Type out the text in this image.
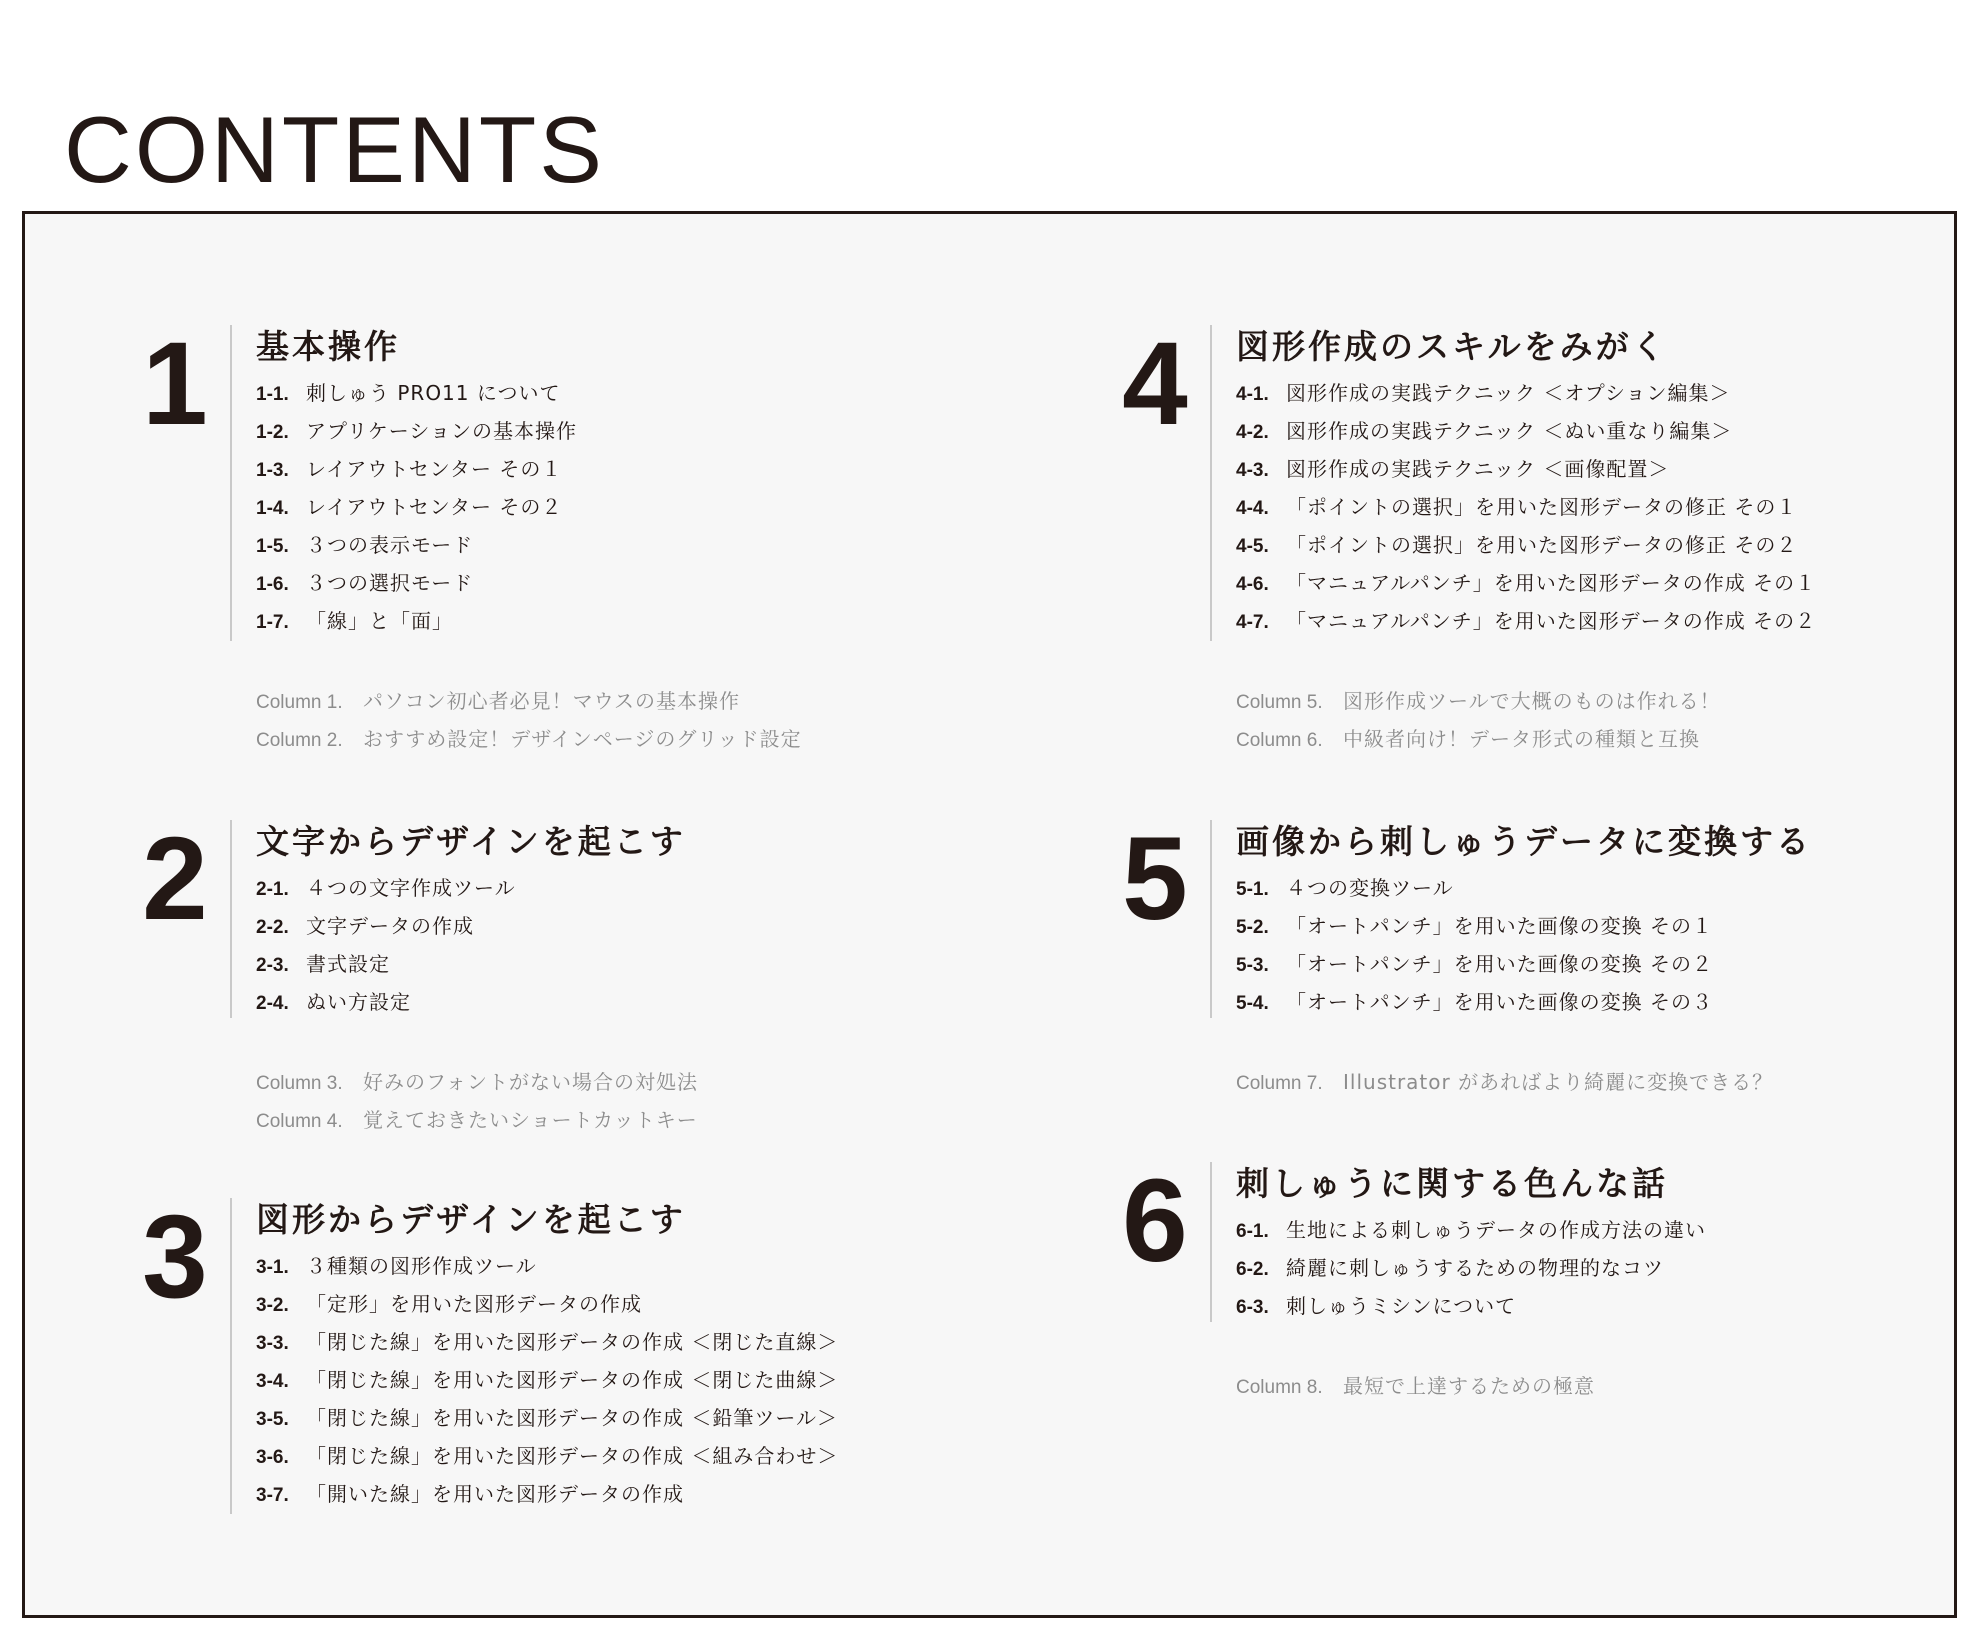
CONTENTS
1	基本操作
1-1. 刺しゅう PRO11 について
1-2. アプリケーションの基本操作
1-3. レイアウトセンター その１
1-4. レイアウトセンター その２
1-5. ３つの表示モード
1-6. ３つの選択モード
1-7. 「線」と「面」
Column 1. パソコン初心者必見！マウスの基本操作
Column 2. おすすめ設定！デザインページのグリッド設定
2	文字からデザインを起こす
2-1. ４つの文字作成ツール
2-2. 文字データの作成
2-3. 書式設定
2-4. ぬい方設定
Column 3. 好みのフォントがない場合の対処法
Column 4. 覚えておきたいショートカットキー
3	図形からデザインを起こす
3-1. ３種類の図形作成ツール
3-2. 「定形」を用いた図形データの作成
3-3. 「閉じた線」を用いた図形データの作成 ＜閉じた直線＞
3-4. 「閉じた線」を用いた図形データの作成 ＜閉じた曲線＞
3-5. 「閉じた線」を用いた図形データの作成 ＜鉛筆ツール＞
3-6. 「閉じた線」を用いた図形データの作成 ＜組み合わせ＞
3-7. 「開いた線」を用いた図形データの作成
4	図形作成のスキルをみがく
4-1. 図形作成の実践テクニック ＜オプション編集＞
4-2. 図形作成の実践テクニック ＜ぬい重なり編集＞
4-3. 図形作成の実践テクニック ＜画像配置＞
4-4. 「ポイントの選択」を用いた図形データの修正 その１
4-5. 「ポイントの選択」を用いた図形データの修正 その２
4-6. 「マニュアルパンチ」を用いた図形データの作成 その１
4-7. 「マニュアルパンチ」を用いた図形データの作成 その２
Column 5. 図形作成ツールで大概のものは作れる！
Column 6. 中級者向け！データ形式の種類と互換
5	画像から刺しゅうデータに変換する
5-1. ４つの変換ツール
5-2. 「オートパンチ」を用いた画像の変換 その１
5-3. 「オートパンチ」を用いた画像の変換 その２
5-4. 「オートパンチ」を用いた画像の変換 その３
Column 7. Illustrator があればより綺麗に変換できる？
6	刺しゅうに関する色んな話
6-1. 生地による刺しゅうデータの作成方法の違い
6-2. 綺麗に刺しゅうするための物理的なコツ
6-3. 刺しゅうミシンについて
Column 8. 最短で上達するための極意
